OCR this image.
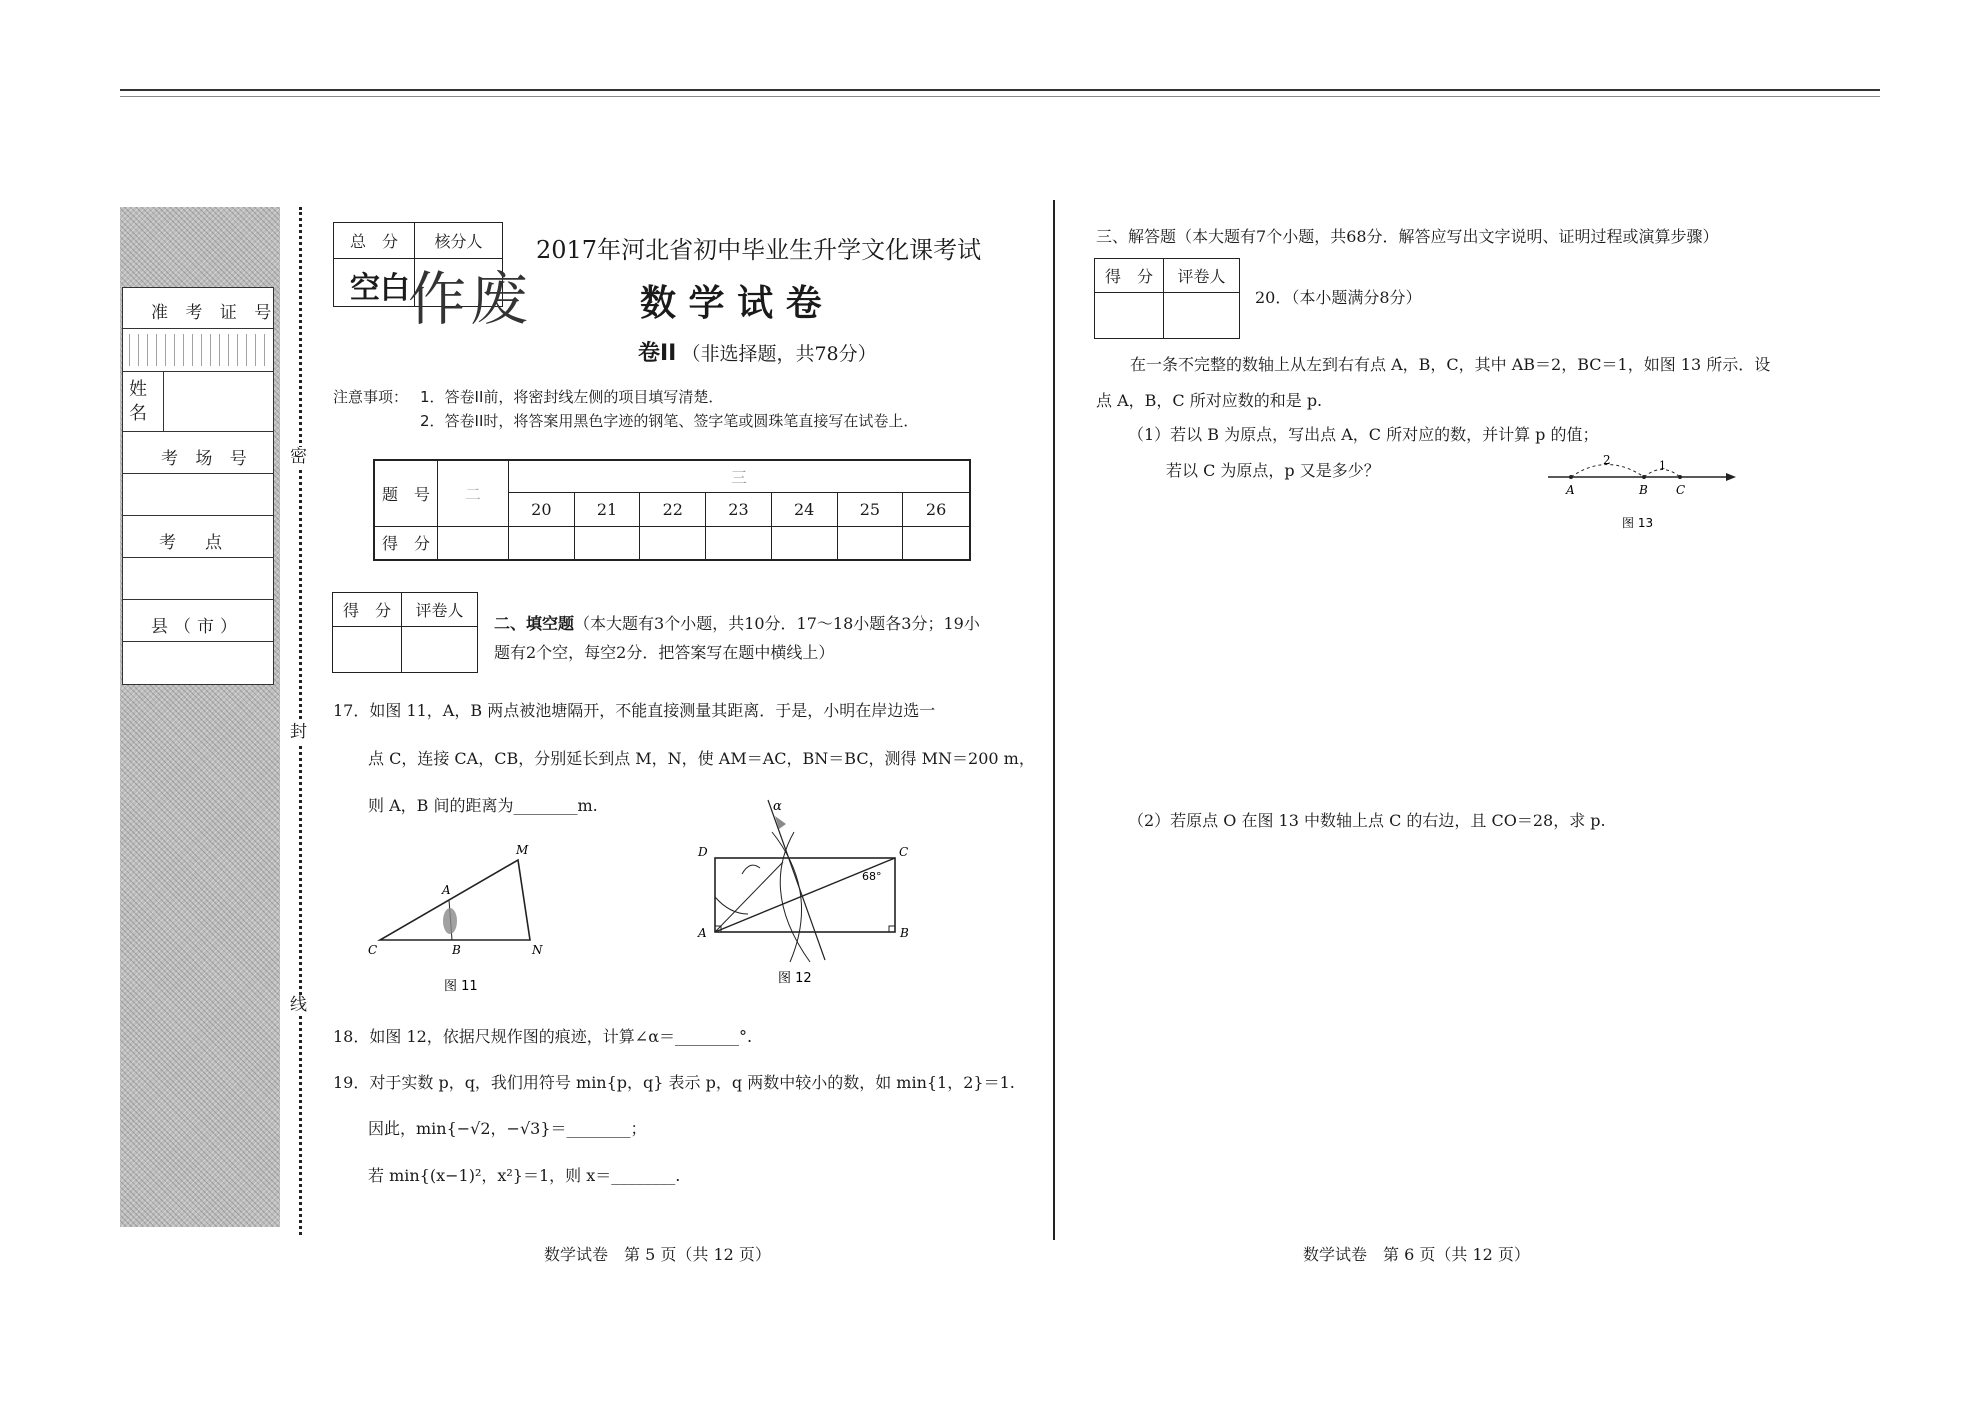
准 考 证 号
姓名
考 场 号
考　点
县（市）
密
封
线
总　分	核分人
空白	
作废
2017年河北省初中毕业生升学文化课考试
数 学 试 卷
卷II （非选择题，共78分）
注意事项： 1．答卷II前，将密封线左侧的项目填写清楚．
2．答卷II时，将答案用黑色字迹的钢笔、签字笔或圆珠笔直接写在试卷上．
题　号	二	三						
		20	21	22	23	24	25	26
得　分								
得　分	评卷人

二、填空题（本大题有3个小题，共10分．17～18小题各3分；19小
题有2个空，每空2分．把答案写在题中横线上）
17．如图 11，A，B 两点被池塘隔开，不能直接测量其距离．于是，小明在岸边选一
点 C，连接 CA，CB，分别延长到点 M，N，使 AM＝AC，BN＝BC，测得 MN＝200 m，
则 A，B 间的距离为________m.
A
B
C
M
N
图 11
α
A	B
C
D
68°
图 12
18．如图 12，依据尺规作图的痕迹，计算∠α＝________°.
19．对于实数 p，q，我们用符号 min{p，q} 表示 p，q 两数中较小的数，如 min{1，2}＝1.
因此，min{−√2，−√3}＝________；
若 min{(x−1)²，x²}＝1，则 x＝________.
数学试卷　第 5 页（共 12 页）	数学试卷　第 6 页（共 12 页）
三、解答题（本大题有7个小题，共68分．解答应写出文字说明、证明过程或演算步骤）
得　分	评卷人

20．（本小题满分8分）
在一条不完整的数轴上从左到右有点 A，B，C，其中 AB＝2，BC＝1，如图 13 所示．设
点 A，B，C 所对应数的和是 p.
（1）若以 B 为原点，写出点 A，C 所对应的数，并计算 p 的值；
若以 C 为原点，p 又是多少？
2	1
A	B C
图 13
（2）若原点 O 在图 13 中数轴上点 C 的右边，且 CO＝28，求 p.
